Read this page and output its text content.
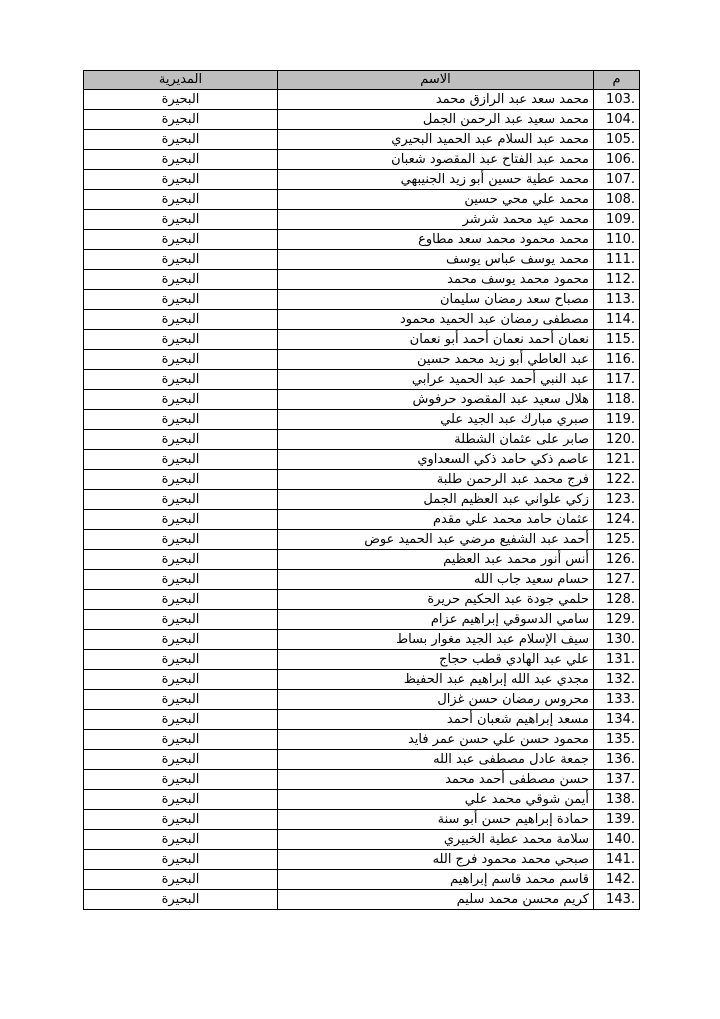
م	الاسم	المديرية
103.	محمد سعد عبد الرازق محمد	البحيرة
104.	محمد سعيد عبد الرحمن الجمل	البحيرة
105.	محمد عبد السلام عبد الحميد البحيري	البحيرة
106.	محمد عبد الفتاح عبد المقصود شعبان	البحيرة
107.	محمد عطية حسين أبو زيد الجنيبهي	البحيرة
108.	محمد علي محي حسين	البحيرة
109.	محمد عيد محمد شرشر	البحيرة
110.	محمد محمود محمد سعد مطاوع	البحيرة
111.	محمد يوسف عباس يوسف	البحيرة
112.	محمود محمد يوسف محمد	البحيرة
113.	مصباح سعد رمضان سليمان	البحيرة
114.	مصطفى رمضان عبد الحميد محمود	البحيرة
115.	نعمان أحمد نعمان أحمد أبو نعمان	البحيرة
116.	عبد العاطي أبو زيد محمد حسين	البحيرة
117.	عبد النبي أحمد عبد الحميد عرابي	البحيرة
118.	هلال سعيد عبد المقصود حرفوش	البحيرة
119.	صبري مبارك عبد الجيد علي	البحيرة
120.	صابر على عثمان الشطلة	البحيرة
121.	عاصم ذكي حامد ذكي السعداوي	البحيرة
122.	فرج محمد عبد الرحمن طلبة	البحيرة
123.	زكي علواني عبد العظيم الجمل	البحيرة
124.	عثمان حامد محمد علي مقدم	البحيرة
125.	أحمد عبد الشفيع مرضي عبد الحميد عوض	البحيرة
126.	أنس أنور محمد عبد العظيم	البحيرة
127.	حسام سعيد جاب الله	البحيرة
128.	حلمي جودة عبد الحكيم حريرة	البحيرة
129.	سامي الدسوقي إبراهيم عزام	البحيرة
130.	سيف الإسلام عبد الجيد مغوار بساط	البحيرة
131.	علي عبد الهادي قطب حجاج	البحيرة
132.	مجدي عبد الله إبراهيم عبد الحفيظ	البحيرة
133.	محروس رمضان حسن غزال	البحيرة
134.	مسعد إبراهيم شعبان أحمد	البحيرة
135.	محمود حسن علي حسن عمر فايد	البحيرة
136.	جمعة عادل مصطفى عبد الله	البحيرة
137.	حسن مصطفى أحمد محمد	البحيرة
138.	أيمن شوقي محمد علي	البحيرة
139.	حمادة إبراهيم حسن أبو سنة	البحيرة
140.	سلامة محمد عطية الخبيري	البحيرة
141.	صبحي محمد محمود فرج الله	البحيرة
142.	قاسم محمد قاسم إبراهيم	البحيرة
143.	كريم محسن محمد سليم	البحيرة
